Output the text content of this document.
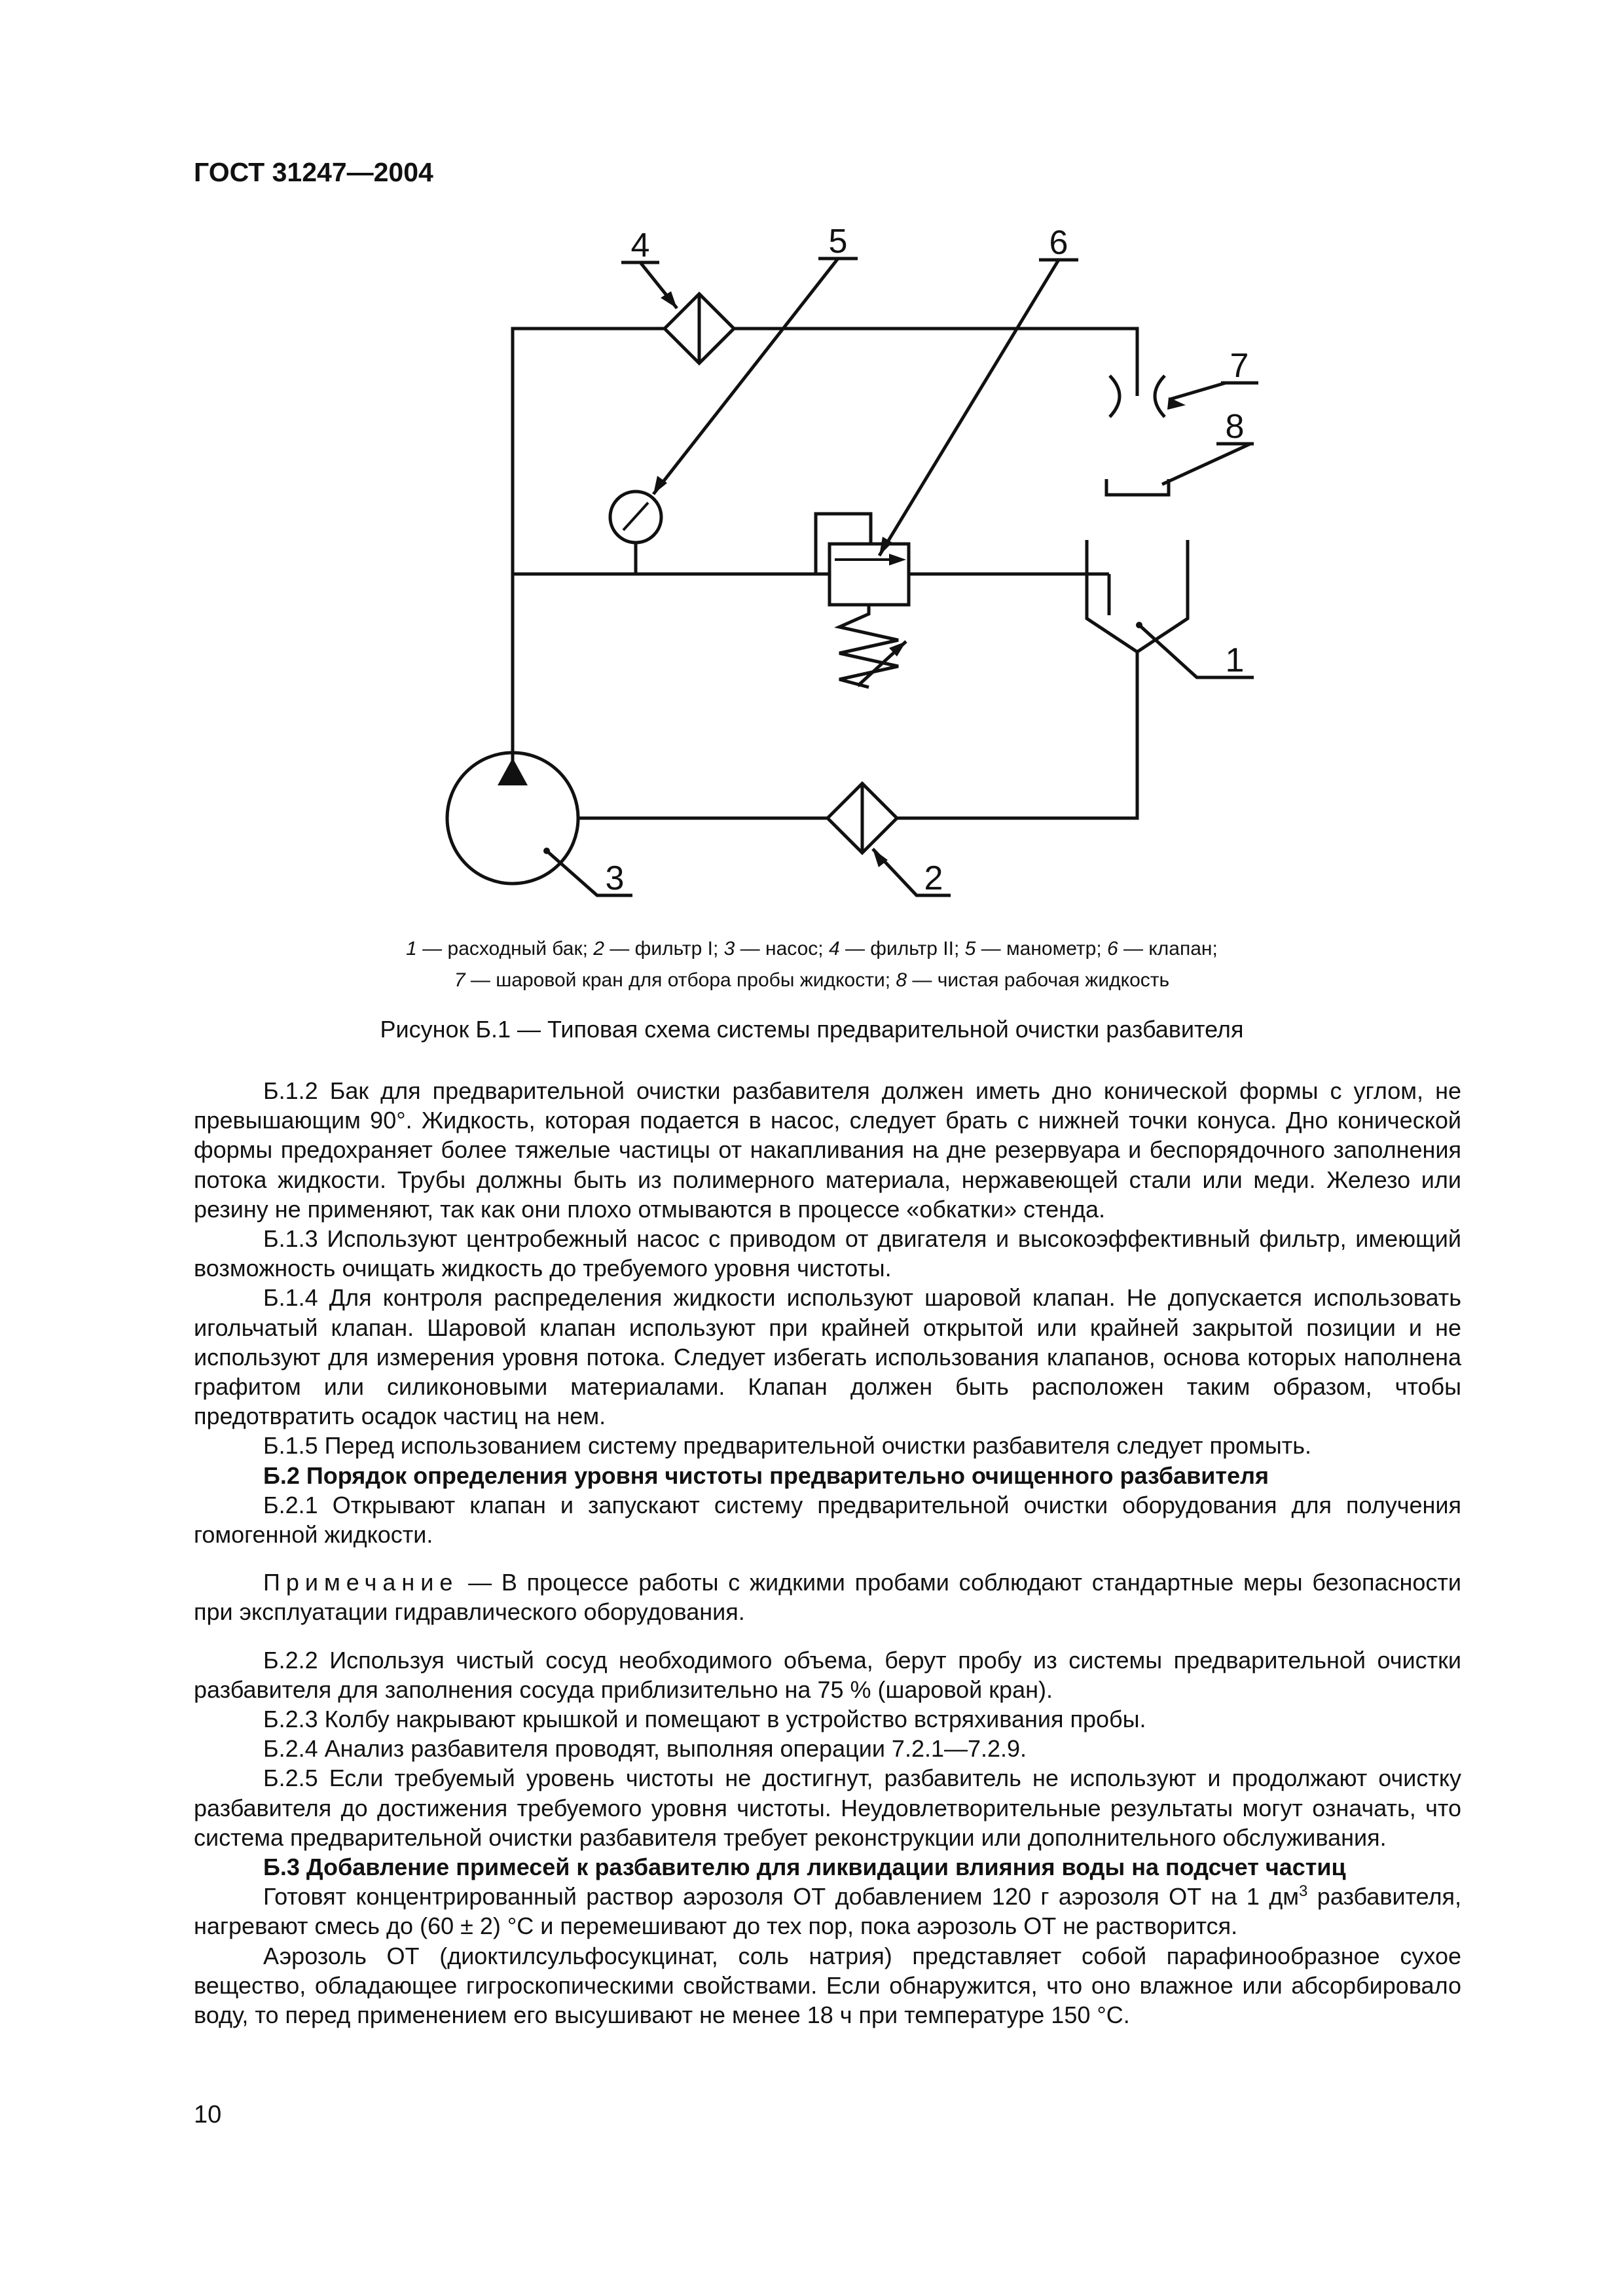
ГОСТ 31247—2004
4	5	6
7
8
1
3	2
1 — расходный бак; 2 — фильтр I; 3 — насос; 4 — фильтр II; 5 — манометр; 6 — клапан;
7 — шаровой кран для отбора пробы жидкости; 8 — чистая рабочая жидкость
Рисунок Б.1 — Типовая схема системы предварительной очистки разбавителя

Б.1.2 Бак для предварительной очистки разбавителя должен иметь дно конической формы с углом, не превышающим 90°. Жидкость, которая подается в насос, следует брать с нижней точки конуса. Дно конической формы предохраняет более тяжелые частицы от накапливания на дне резервуара и беспорядочного заполнения потока жидкости. Трубы должны быть из полимерного материала, нержавеющей стали или меди. Железо или резину не применяют, так как они плохо отмываются в процессе «обкатки» стенда.

Б.1.3 Используют центробежный насос с приводом от двигателя и высокоэффективный фильтр, имеющий возможность очищать жидкость до требуемого уровня чистоты.

Б.1.4 Для контроля распределения жидкости используют шаровой клапан. Не допускается использовать игольчатый клапан. Шаровой клапан используют при крайней открытой или крайней закрытой позиции и не используют для измерения уровня потока. Следует избегать использования клапанов, основа которых наполнена графитом или силиконовыми материалами. Клапан должен быть расположен таким образом, чтобы предотвратить осадок частиц на нем.

Б.1.5 Перед использованием систему предварительной очистки разбавителя следует промыть.

Б.2 Порядок определения уровня чистоты предварительно очищенного разбавителя

Б.2.1 Открывают клапан и запускают систему предварительной очистки оборудования для получения гомогенной жидкости.

Примечание — В процессе работы с жидкими пробами соблюдают стандартные меры безопасности при эксплуатации гидравлического оборудования.

Б.2.2 Используя чистый сосуд необходимого объема, берут пробу из системы предварительной очистки разбавителя для заполнения сосуда приблизительно на 75 % (шаровой кран).

Б.2.3 Колбу накрывают крышкой и помещают в устройство встряхивания пробы.

Б.2.4 Анализ разбавителя проводят, выполняя операции 7.2.1—7.2.9.

Б.2.5 Если требуемый уровень чистоты не достигнут, разбавитель не используют и продолжают очистку разбавителя до достижения требуемого уровня чистоты. Неудовлетворительные результаты могут означать, что система предварительной очистки разбавителя требует реконструкции или дополнительного обслуживания.

Б.3 Добавление примесей к разбавителю для ликвидации влияния воды на подсчет частиц

Готовят концентрированный раствор аэрозоля ОТ добавлением 120 г аэрозоля ОТ на 1 $дм^3$ разбавителя, нагревают смесь до (60 ± 2) °С и перемешивают до тех пор, пока аэрозоль ОТ не растворится.

Аэрозоль ОТ (диоктилсульфосукцинат, соль натрия) представляет собой парафинообразное сухое вещество, обладающее гигроскопическими свойствами. Если обнаружится, что оно влажное или абсорбировало воду, то перед применением его высушивают не менее 18 ч при температуре 150 °С.

10
